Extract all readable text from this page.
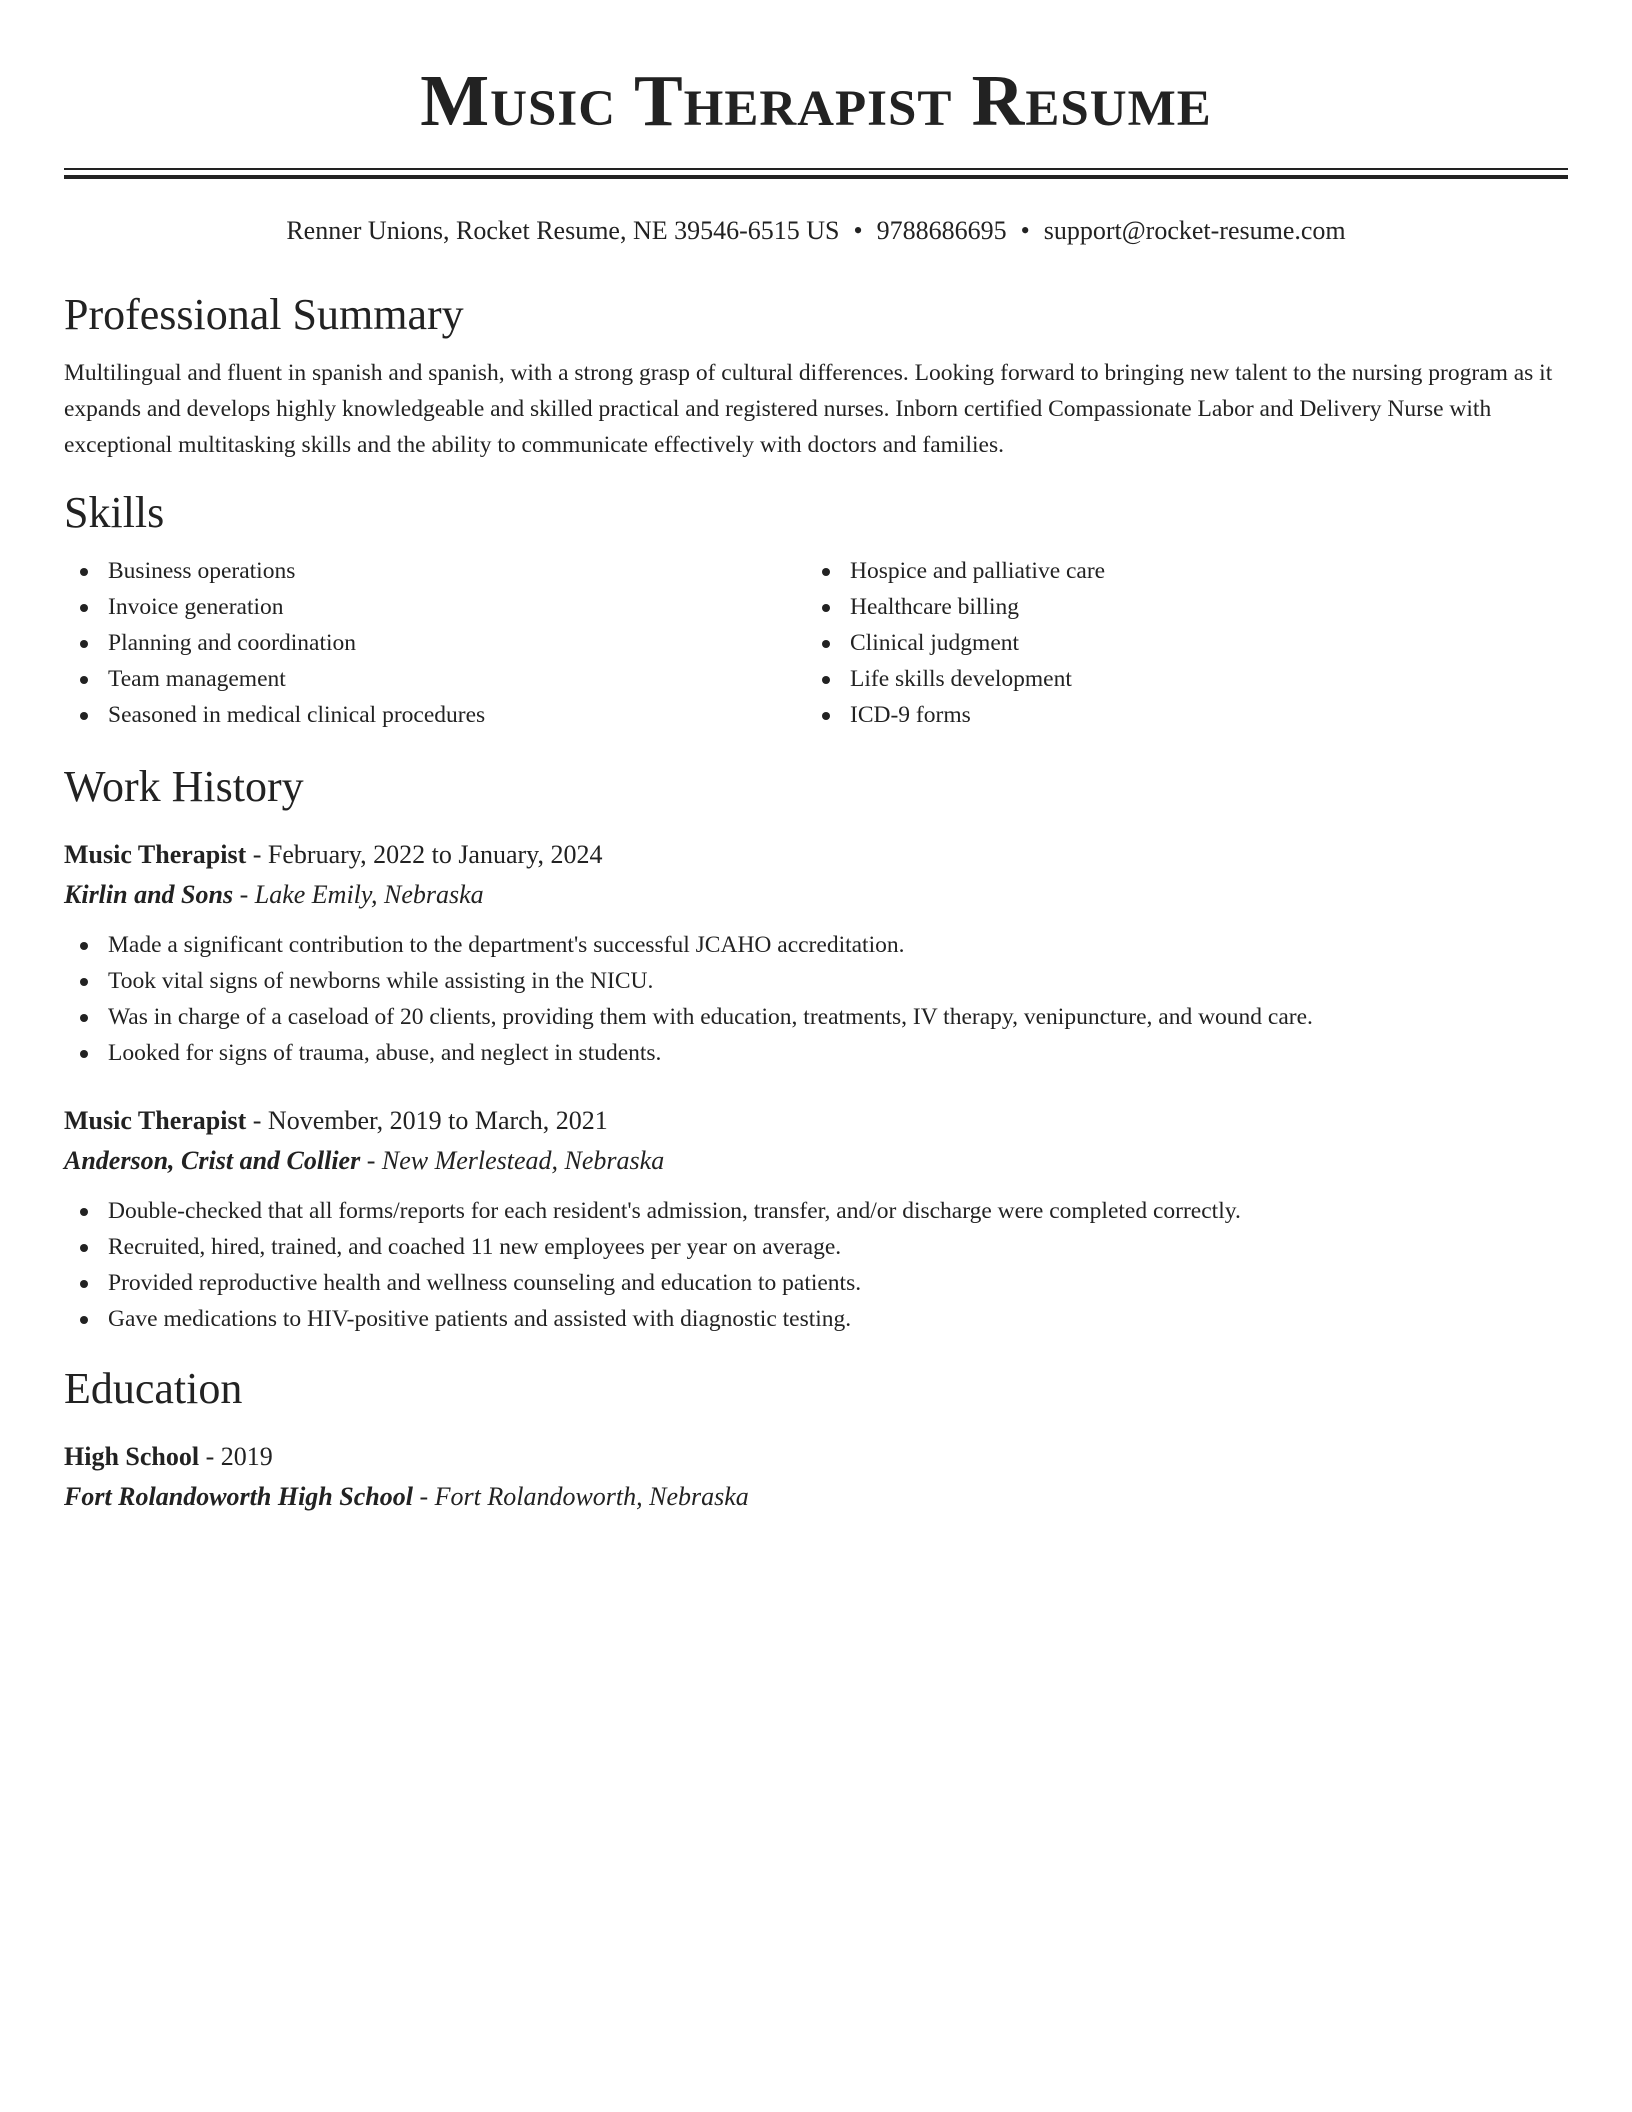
Music Therapist Resume
Renner Unions, Rocket Resume, NE 39546-6515 US • 9788686695 • support@rocket-resume.com
Professional Summary

Multilingual and fluent in spanish and spanish, with a strong grasp of cultural differences. Looking forward to bringing new talent to the nursing program as it expands and develops highly knowledgeable and skilled practical and registered nurses. Inborn certified Compassionate Labor and Delivery Nurse with exceptional multitasking skills and the ability to communicate effectively with doctors and families.

Skills
Business operations
Invoice generation
Planning and coordination
Team management
Seasoned in medical clinical procedures
Hospice and palliative care
Healthcare billing
Clinical judgment
Life skills development
ICD-9 forms
Work History
Music Therapist - February, 2022 to January, 2024
Kirlin and Sons - Lake Emily, Nebraska
Made a significant contribution to the department's successful JCAHO accreditation.
Took vital signs of newborns while assisting in the NICU.
Was in charge of a caseload of 20 clients, providing them with education, treatments, IV therapy, venipuncture, and wound care.
Looked for signs of trauma, abuse, and neglect in students.
Music Therapist - November, 2019 to March, 2021
Anderson, Crist and Collier - New Merlestead, Nebraska
Double-checked that all forms/reports for each resident's admission, transfer, and/or discharge were completed correctly.
Recruited, hired, trained, and coached 11 new employees per year on average.
Provided reproductive health and wellness counseling and education to patients.
Gave medications to HIV-positive patients and assisted with diagnostic testing.
Education
High School - 2019
Fort Rolandoworth High School - Fort Rolandoworth, Nebraska
